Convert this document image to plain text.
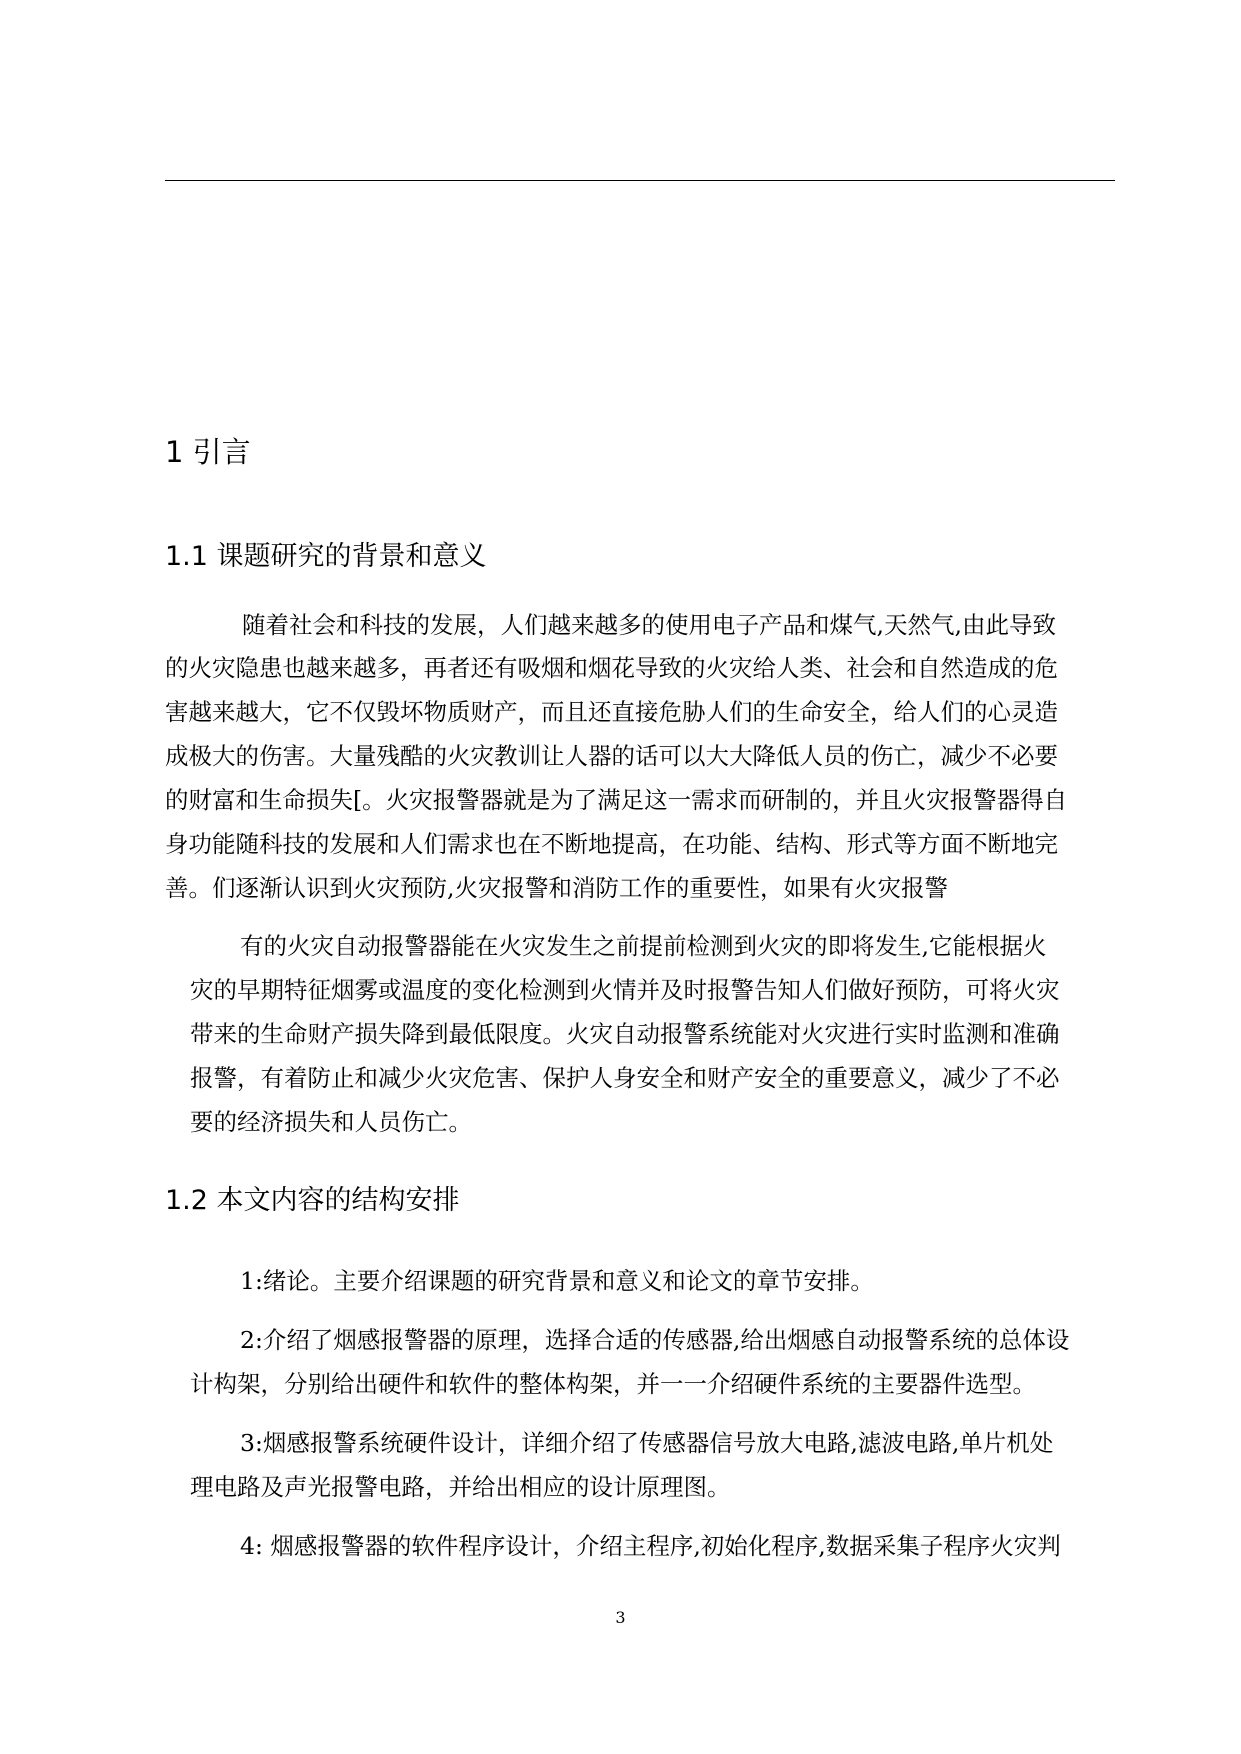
1 引言
1.1 课题研究的背景和意义

随着社会和科技的发展，人们越来越多的使用电子产品和煤气,天然气,由此导致

的火灾隐患也越来越多，再者还有吸烟和烟花导致的火灾给人类、社会和自然造成的危

害越来越大，它不仅毁坏物质财产，而且还直接危胁人们的生命安全，给人们的心灵造

成极大的伤害。大量残酷的火灾教训让人器的话可以大大降低人员的伤亡，减少不必要

的财富和生命损失[。火灾报警器就是为了满足这一需求而研制的，并且火灾报警器得自

身功能随科技的发展和人们需求也在不断地提高，在功能、结构、形式等方面不断地完

善。们逐渐认识到火灾预防,火灾报警和消防工作的重要性，如果有火灾报警

有的火灾自动报警器能在火灾发生之前提前检测到火灾的即将发生,它能根据火

灾的早期特征烟雾或温度的变化检测到火情并及时报警告知人们做好预防，可将火灾

带来的生命财产损失降到最低限度。火灾自动报警系统能对火灾进行实时监测和准确

报警，有着防止和减少火灾危害、保护人身安全和财产安全的重要意义，减少了不必

要的经济损失和人员伤亡。

1.2 本文内容的结构安排

1:绪论。主要介绍课题的研究背景和意义和论文的章节安排。

2:介绍了烟感报警器的原理，选择合适的传感器,给出烟感自动报警系统的总体设

计构架，分别给出硬件和软件的整体构架，并一一介绍硬件系统的主要器件选型。

3:烟感报警系统硬件设计，详细介绍了传感器信号放大电路,滤波电路,单片机处

理电路及声光报警电路，并给出相应的设计原理图。

4: 烟感报警器的软件程序设计，介绍主程序,初始化程序,数据采集子程序火灾判

3
